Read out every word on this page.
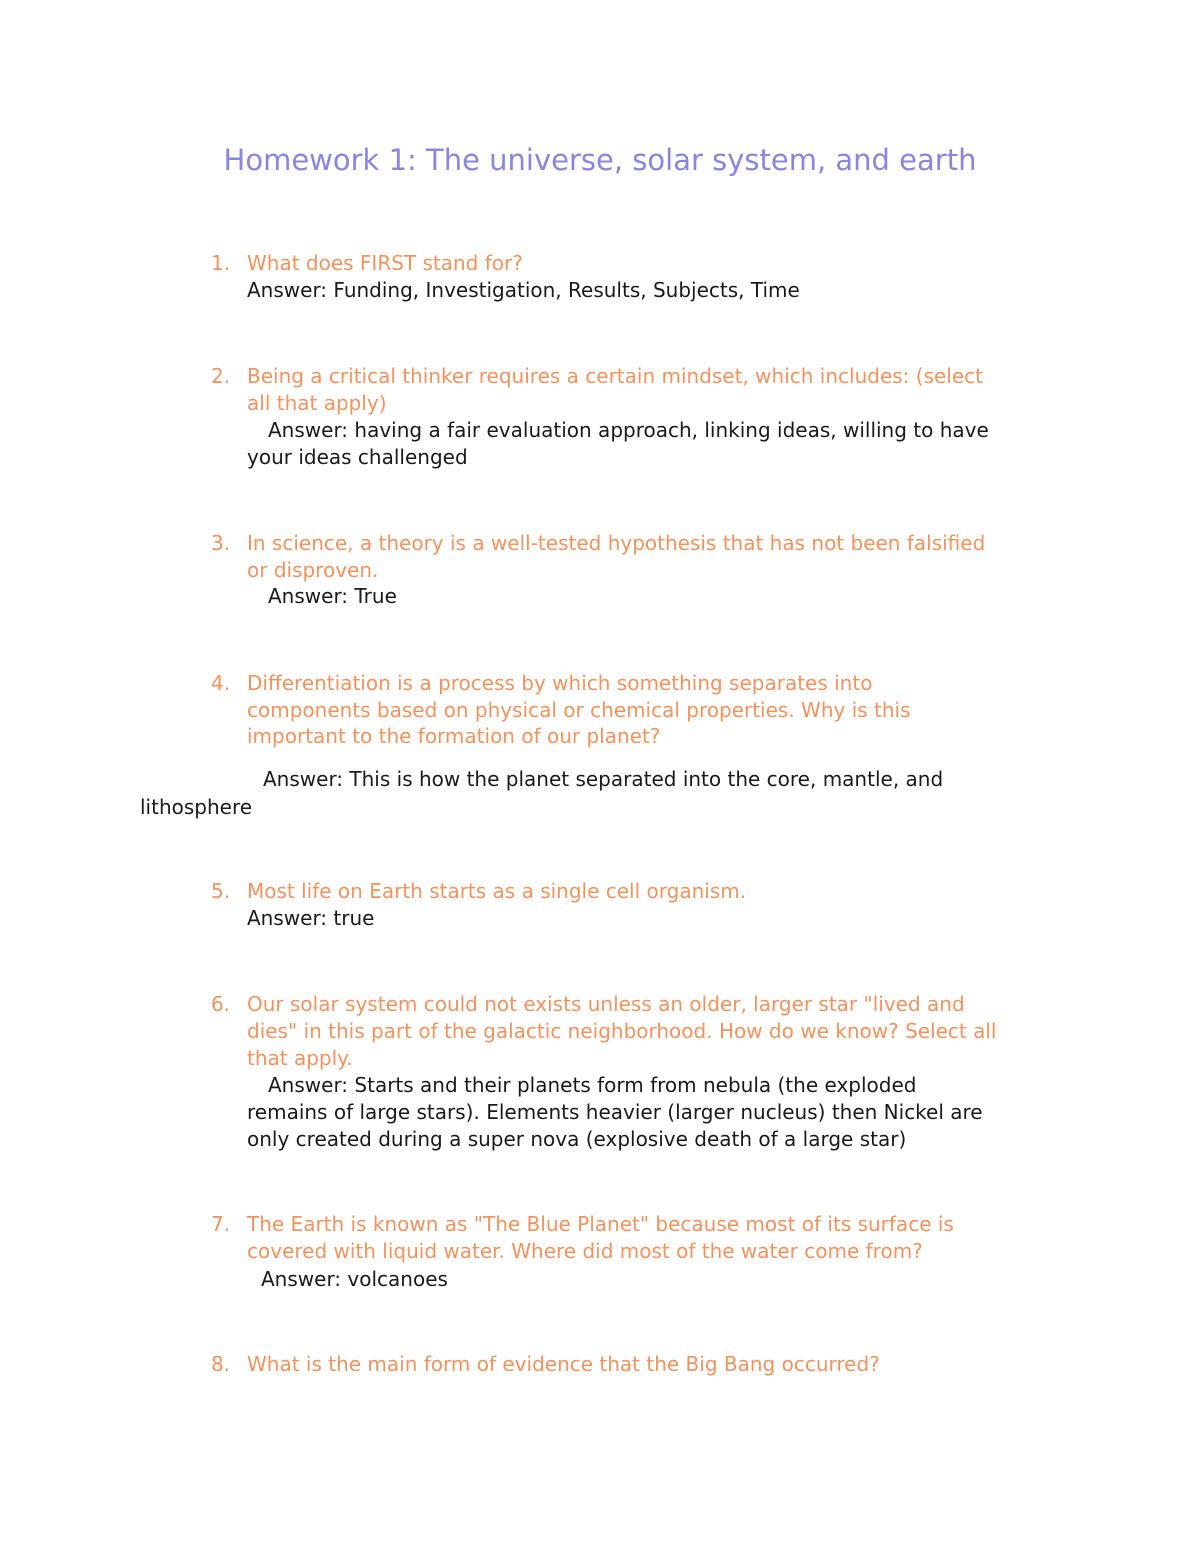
Homework 1: The universe, solar system, and earth
1. What does FIRST stand for?
Answer: Funding, Investigation, Results, Subjects, Time
2. Being a critical thinker requires a certain mindset, which includes: (select
all that apply)
Answer: having a fair evaluation approach, linking ideas, willing to have
your ideas challenged
3. In science, a theory is a well-tested hypothesis that has not been falsified
or disproven.
Answer: True
4. Differentiation is a process by which something separates into
components based on physical or chemical properties. Why is this
important to the formation of our planet?
Answer: This is how the planet separated into the core, mantle, and
lithosphere
5. Most life on Earth starts as a single cell organism.
Answer: true
6. Our solar system could not exists unless an older, larger star "lived and
dies" in this part of the galactic neighborhood. How do we know? Select all
that apply.
Answer: Starts and their planets form from nebula (the exploded
remains of large stars). Elements heavier (larger nucleus) then Nickel are
only created during a super nova (explosive death of a large star)
7. The Earth is known as "The Blue Planet" because most of its surface is
covered with liquid water. Where did most of the water come from?
Answer: volcanoes
8. What is the main form of evidence that the Big Bang occurred?
